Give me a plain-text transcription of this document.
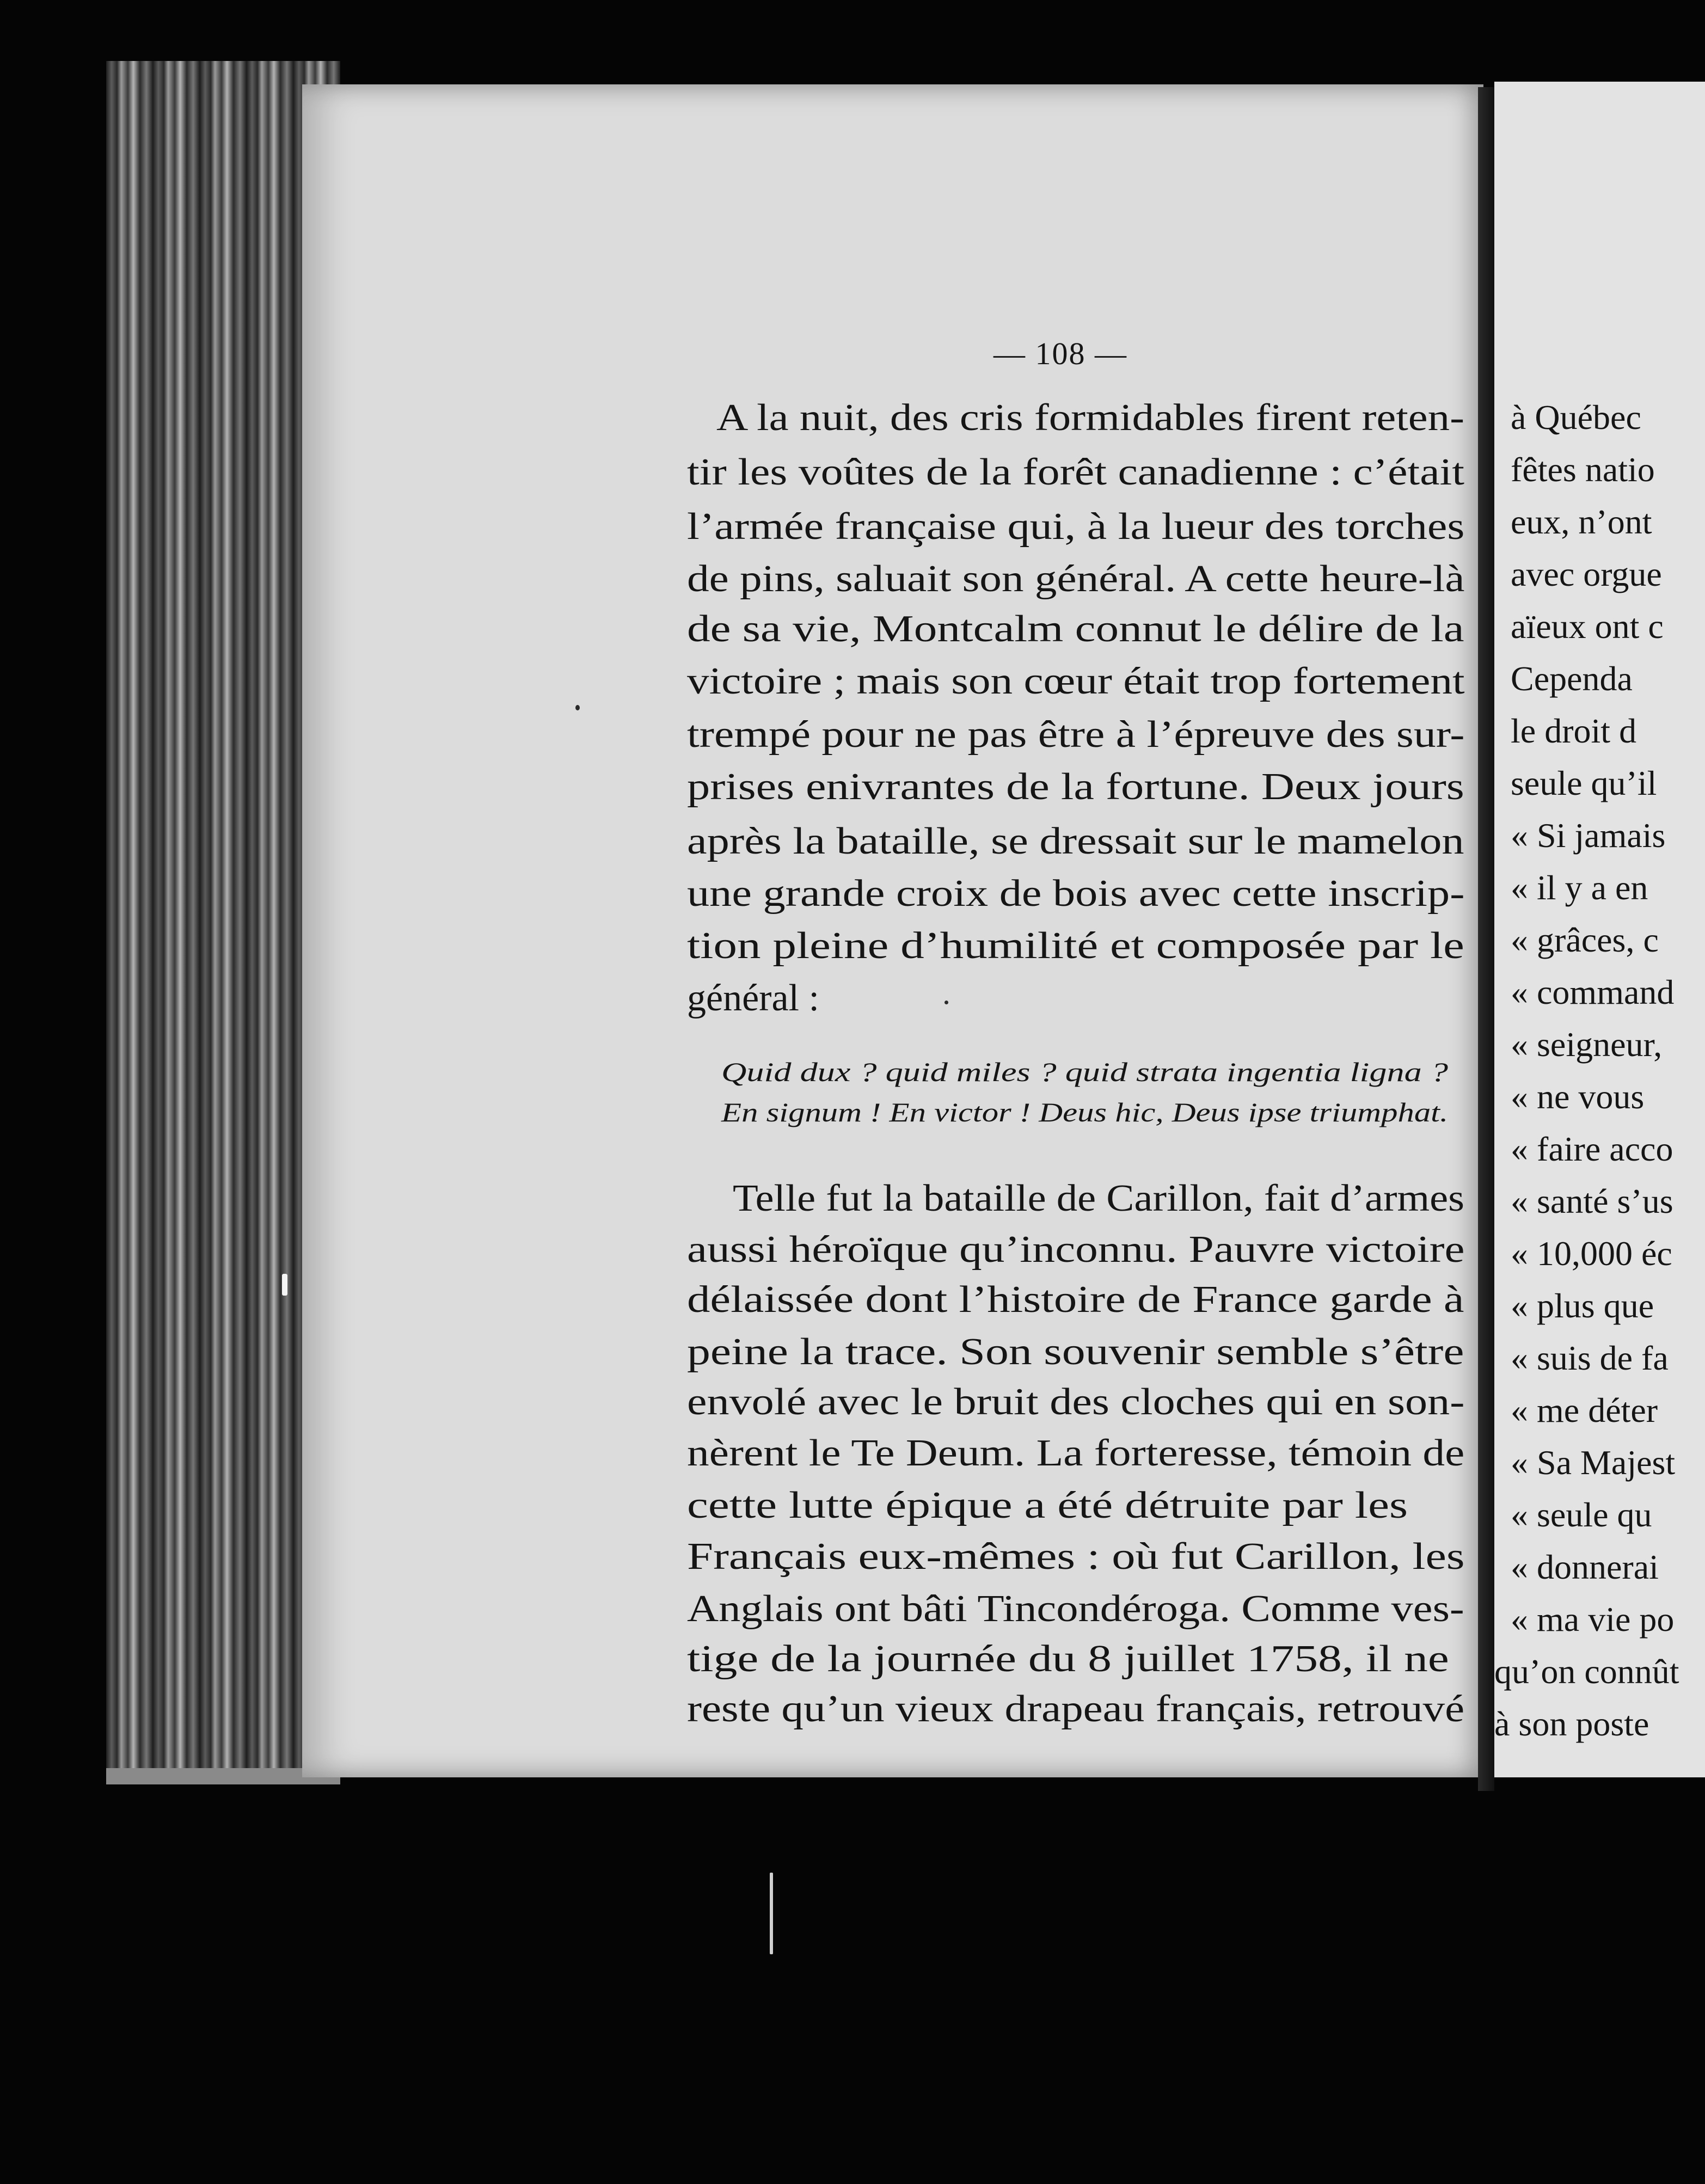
à Québec
fêtes natio
eux, n’ont
avec orgue
aïeux ont c
Cependa
le droit d
seule qu’il
« Si jamais
« il y a en
« grâces, c
« command
« seigneur,
« ne vous
« faire acco
« santé s’us
« 10,000 éc
« plus que
« suis de fa
« me déter
« Sa Majest
« seule qu
« donnerai
« ma vie po
qu’on connût
à son poste
— 108 —
A la nuit, des cris formidables firent reten-
tir les voûtes de la forêt canadienne : c’était
l’armée française qui, à la lueur des torches
de pins, saluait son général. A cette heure-là
de sa vie, Montcalm connut le délire de la
victoire ; mais son cœur était trop fortement
trempé pour ne pas être à l’épreuve des sur-
prises enivrantes de la fortune. Deux jours
après la bataille, se dressait sur le mamelon
une grande croix de bois avec cette inscrip-
tion pleine d’humilité et composée par le
général :
Telle fut la bataille de Carillon, fait d’armes
aussi héroïque qu’inconnu. Pauvre victoire
délaissée dont l’histoire de France garde à
peine la trace. Son souvenir semble s’être
envolé avec le bruit des cloches qui en son-
nèrent le Te Deum. La forteresse, témoin de
cette lutte épique a été détruite par les
Français eux-mêmes : où fut Carillon, les
Anglais ont bâti Tincondéroga. Comme ves-
tige de la journée du 8 juillet 1758, il ne
reste qu’un vieux drapeau français, retrouvé
Quid dux ? quid miles ? quid strata ingentia ligna ?
En signum ! En victor ! Deus hic, Deus ipse triumphat.
